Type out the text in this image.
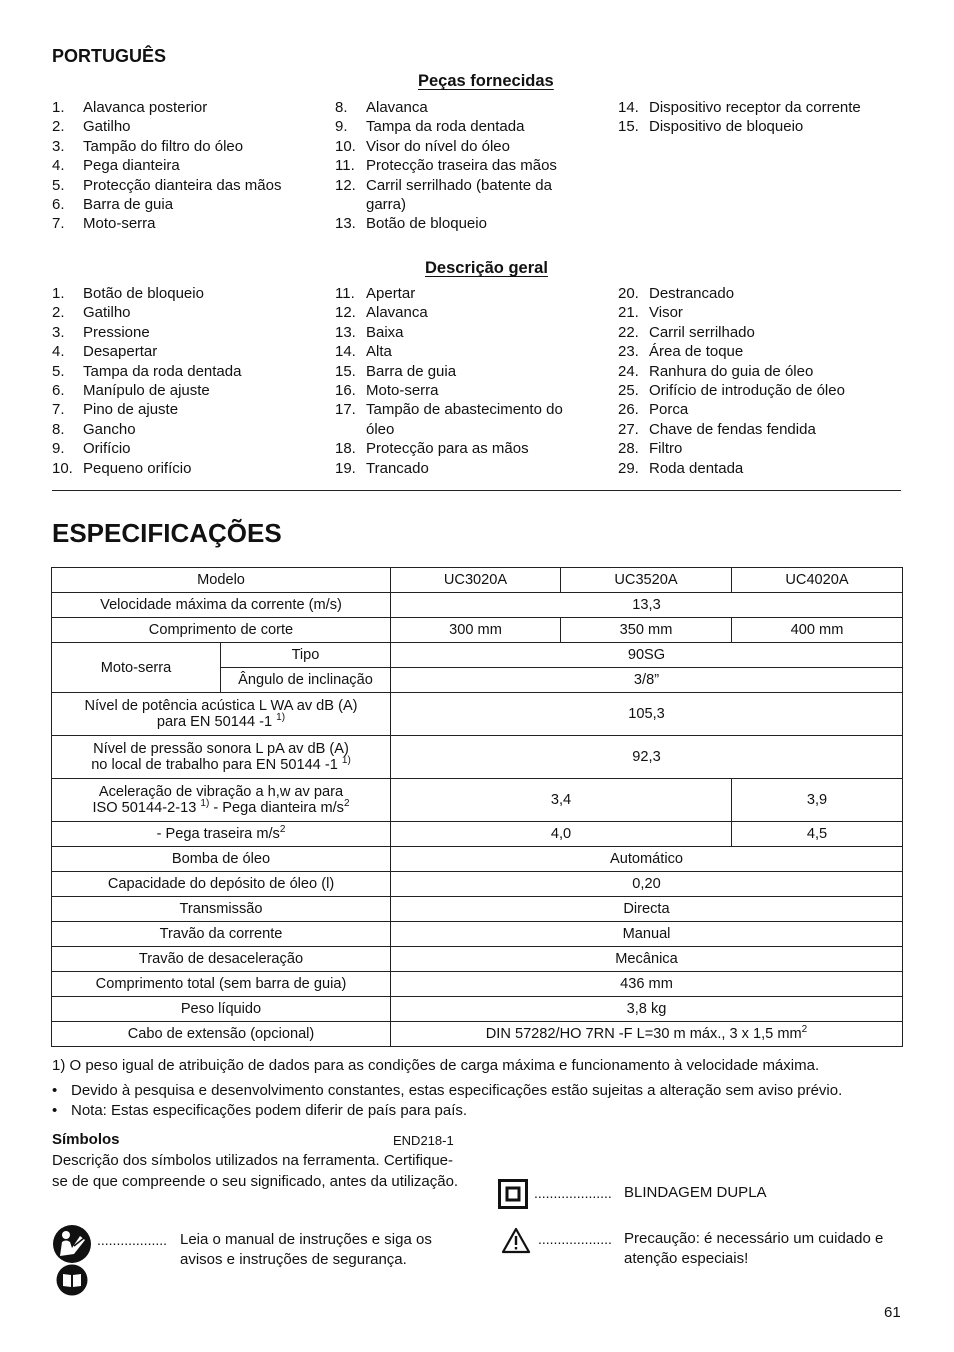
PORTUGUÊS
Peças fornecidas
1.	Alavanca posterior
2.	Gatilho
3.	Tampão do filtro do óleo
4.	Pega dianteira
5.	Protecção dianteira das mãos
6.	Barra de guia
7.	Moto-serra
8.	Alavanca
9.	Tampa da roda dentada
10. Visor do nível do óleo
11. Protecção traseira das mãos
12. Carril serrilhado (batente da garra)
13. Botão de bloqueio
14. Dispositivo receptor da corrente
15. Dispositivo de bloqueio
Descrição geral
1.	Botão de bloqueio
2.	Gatilho
3.	Pressione
4.	Desapertar
5.	Tampa da roda dentada
6.	Manípulo de ajuste
7.	Pino de ajuste
8.	Gancho
9.	Orifício
10. Pequeno orifício
11. Apertar
12. Alavanca
13. Baixa
14. Alta
15. Barra de guia
16. Moto-serra
17. Tampão de abastecimento do óleo
18. Protecção para as mãos
19. Trancado
20. Destrancado
21. Visor
22. Carril serrilhado
23. Área de toque
24. Ranhura do guia de óleo
25. Orifício de introdução de óleo
26. Porca
27. Chave de fendas fendida
28. Filtro
29. Roda dentada
ESPECIFICAÇÕES
Modelo		UC3020A	UC3520A	UC4020A
Velocidade máxima da corrente (m/s)		13,3		
Comprimento de corte		300 mm	350 mm	400 mm
Moto-serra	Tipo	90SG		
	Ângulo de inclinação	3/8”		
Nível de potência acústica L WA av dB (A)
para EN 50144 -1 $^{1)}$		105,3		
Nível de pressão sonora L pA av dB (A)
no local de trabalho para EN 50144 -1 $^{1)}$		92,3		
Aceleração de vibração a h,w av para
ISO 50144-2-13 $^{1)}$ - Pega dianteira $m/s^2$		3,4		3,9
- Pega traseira $m/s^2$		4,0		4,5
Bomba de óleo		Automático		
Capacidade do depósito de óleo (l)		0,20		
Transmissão		Directa		
Travão da corrente		Manual		
Travão de desaceleração		Mecânica		
Comprimento total (sem barra de guia)		436 mm		
Peso líquido		3,8 kg		
Cabo de extensão (opcional)		DIN 57282/HO 7RN -F L=30 m máx., 3 x 1,5 $mm^2$
1) O peso igual de atribuição de dados para as condições de carga máxima e funcionamento à velocidade máxima.
• Devido à pesquisa e desenvolvimento constantes, estas especificações estão sujeitas a alteração sem aviso prévio.
• Nota: Estas especificações podem diferir de país para país.
Símbolos	END218-1
Descrição dos símbolos utilizados na ferramenta. Certifique-se de que compreende o seu significado, antes da utilização.
.................. Leia o manual de instruções e siga os avisos e instruções de segurança.
.................... BLINDAGEM DUPLA
................... Precaução: é necessário um cuidado e atenção especiais!
61
